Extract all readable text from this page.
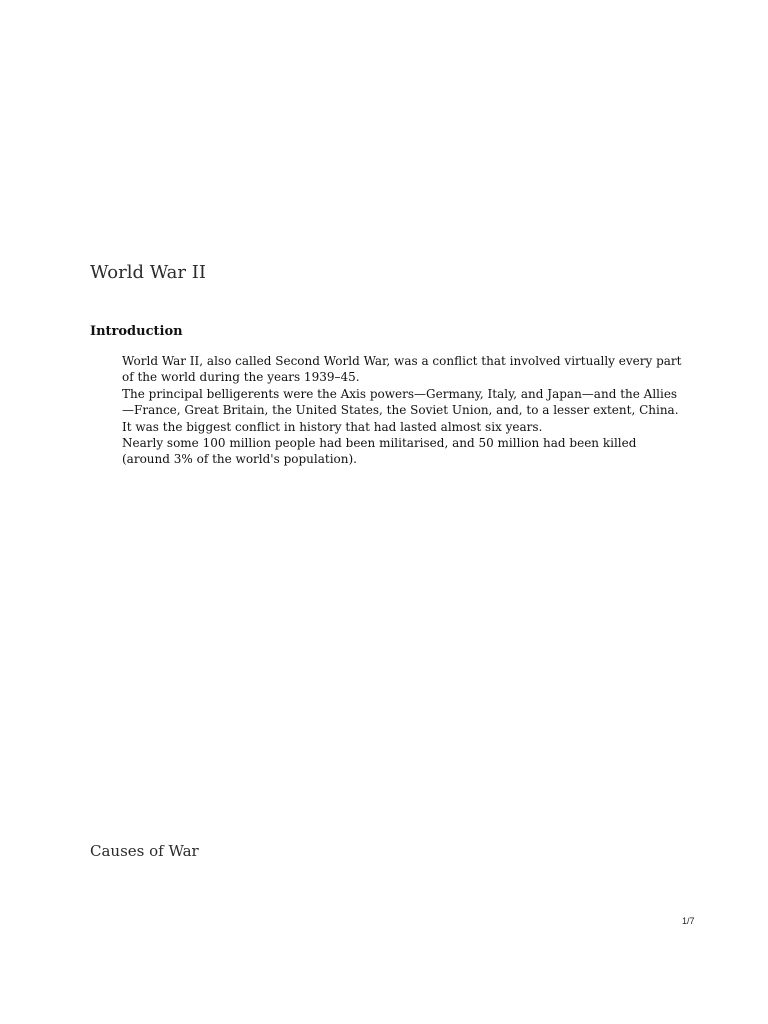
World War II
Introduction
World War II, also called Second World War, was a conflict that involved virtually every part of the world during the years 1939–45.
The principal belligerents were the Axis powers—Germany, Italy, and Japan—and the Allies—France, Great Britain, the United States, the Soviet Union, and, to a lesser extent, China.
It was the biggest conflict in history that had lasted almost six years.
Nearly some 100 million people had been militarised, and 50 million had been killed (around 3% of the world's population).
Causes of War
1/7
